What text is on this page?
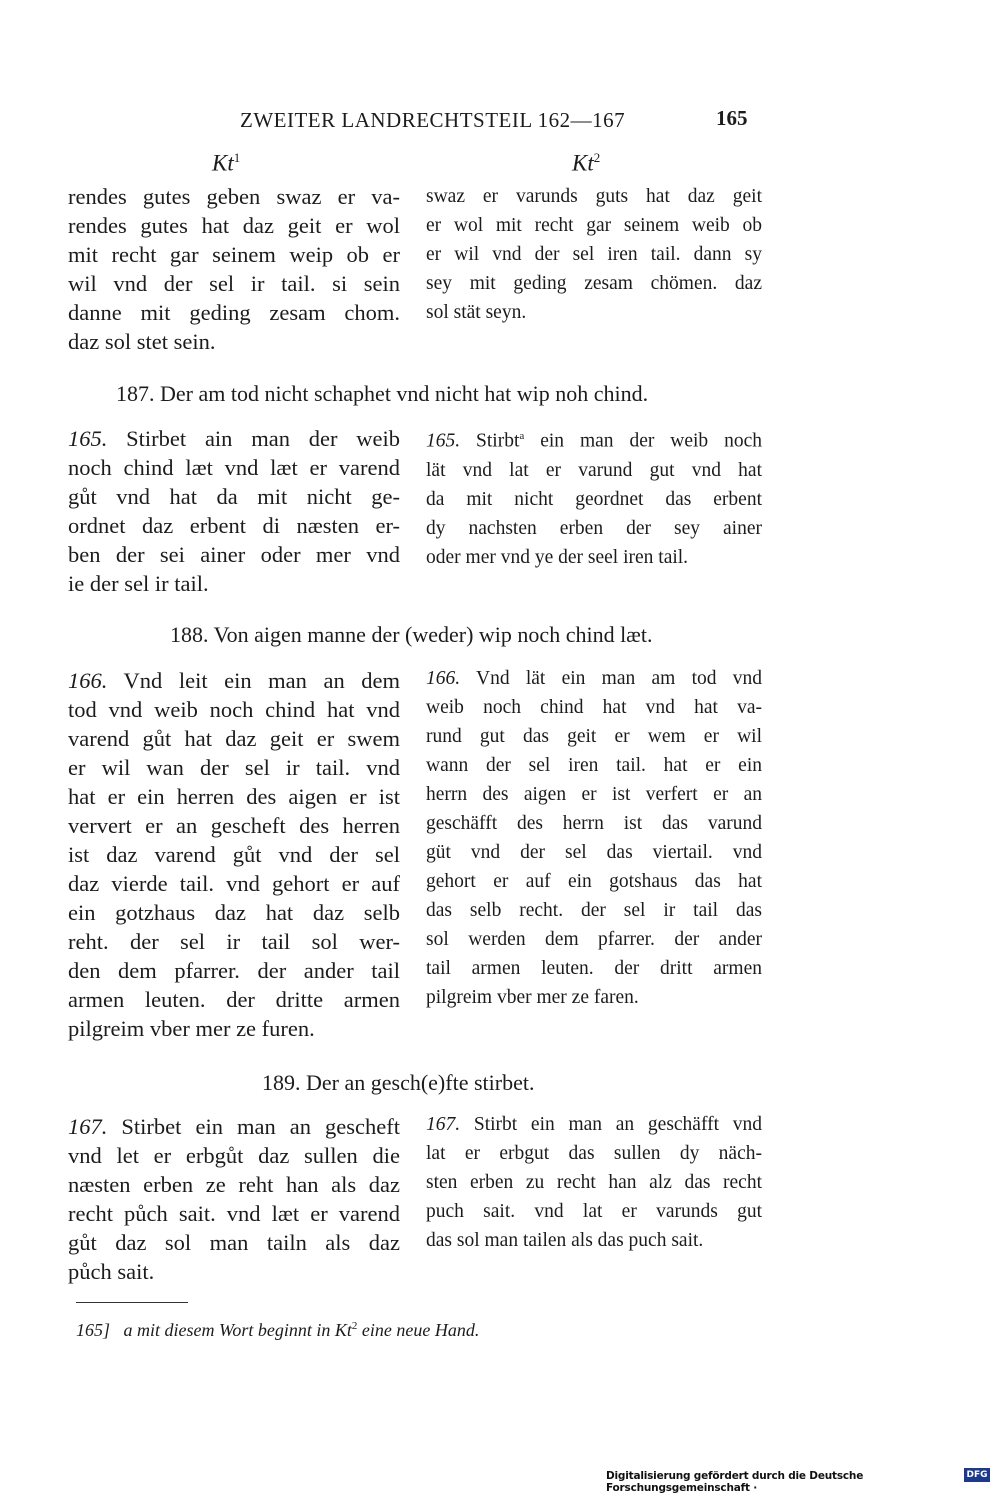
ZWEITER LANDRECHTSTEIL 162—167	165
Kt$^1$	Kt$^2$
rendes gutes geben swaz er va-
rendes gutes hat daz geit er wol
mit recht gar seinem weip ob er
wil vnd der sel ir tail. si sein
danne mit geding zesam chom.
daz sol stet sein.
swaz er varunds guts hat daz geit
er wol mit recht gar seinem weib ob
er wil vnd der sel iren tail. dann sy
sey mit geding zesam chömen. daz
sol stät seyn.
187. Der am tod nicht schaphet vnd nicht hat wip noh chind.
165. Stirbet ain man der weib
noch chind læt vnd læt er varend
gůt vnd hat da mit nicht ge-
ordnet daz erbent di næsten er-
ben der sei ainer oder mer vnd
ie der sel ir tail.
165. Stirbt$^a$ ein man der weib noch
lät vnd lat er varund gut vnd hat
da mit nicht geordnet das erbent
dy nachsten erben der sey ainer
oder mer vnd ye der seel iren tail.
188. Von aigen manne der (weder) wip noch chind læt.
166. Vnd leit ein man an dem
tod vnd weib noch chind hat vnd
varend gůt hat daz geit er swem
er wil wan der sel ir tail. vnd
hat er ein herren des aigen er ist
ververt er an gescheft des herren
ist daz varend gůt vnd der sel
daz vierde tail. vnd gehort er auf
ein gotzhaus daz hat daz selb
reht. der sel ir tail sol wer-
den dem pfarrer. der ander tail
armen leuten. der dritte armen
pilgreim vber mer ze furen.
166. Vnd lät ein man am tod vnd
weib noch chind hat vnd hat va-
rund gut das geit er wem er wil
wann der sel iren tail. hat er ein
herrn des aigen er ist verfert er an
geschäfft des herrn ist das varund
güt vnd der sel das viertail. vnd
gehort er auf ein gotshaus das hat
das selb recht. der sel ir tail das
sol werden dem pfarrer. der ander
tail armen leuten. der dritt armen
pilgreim vber mer ze faren.
189. Der an gesch(e)fte stirbet.
167. Stirbet ein man an gescheft
vnd let er erbgůt daz sullen die
næsten erben ze reht han als daz
recht půch sait. vnd læt er varend
gůt daz sol man tailn als daz
půch sait.
167. Stirbt ein man an geschäfft vnd
lat er erbgut das sullen dy näch-
sten erben zu recht han alz das recht
puch sait. vnd lat er varunds gut
das sol man tailen als das puch sait.
165] a mit diesem Wort beginnt in Kt$^2$ eine neue Hand.
Digitalisierung gefördert durch die Deutsche Forschungsgemeinschaft ·
DFG
